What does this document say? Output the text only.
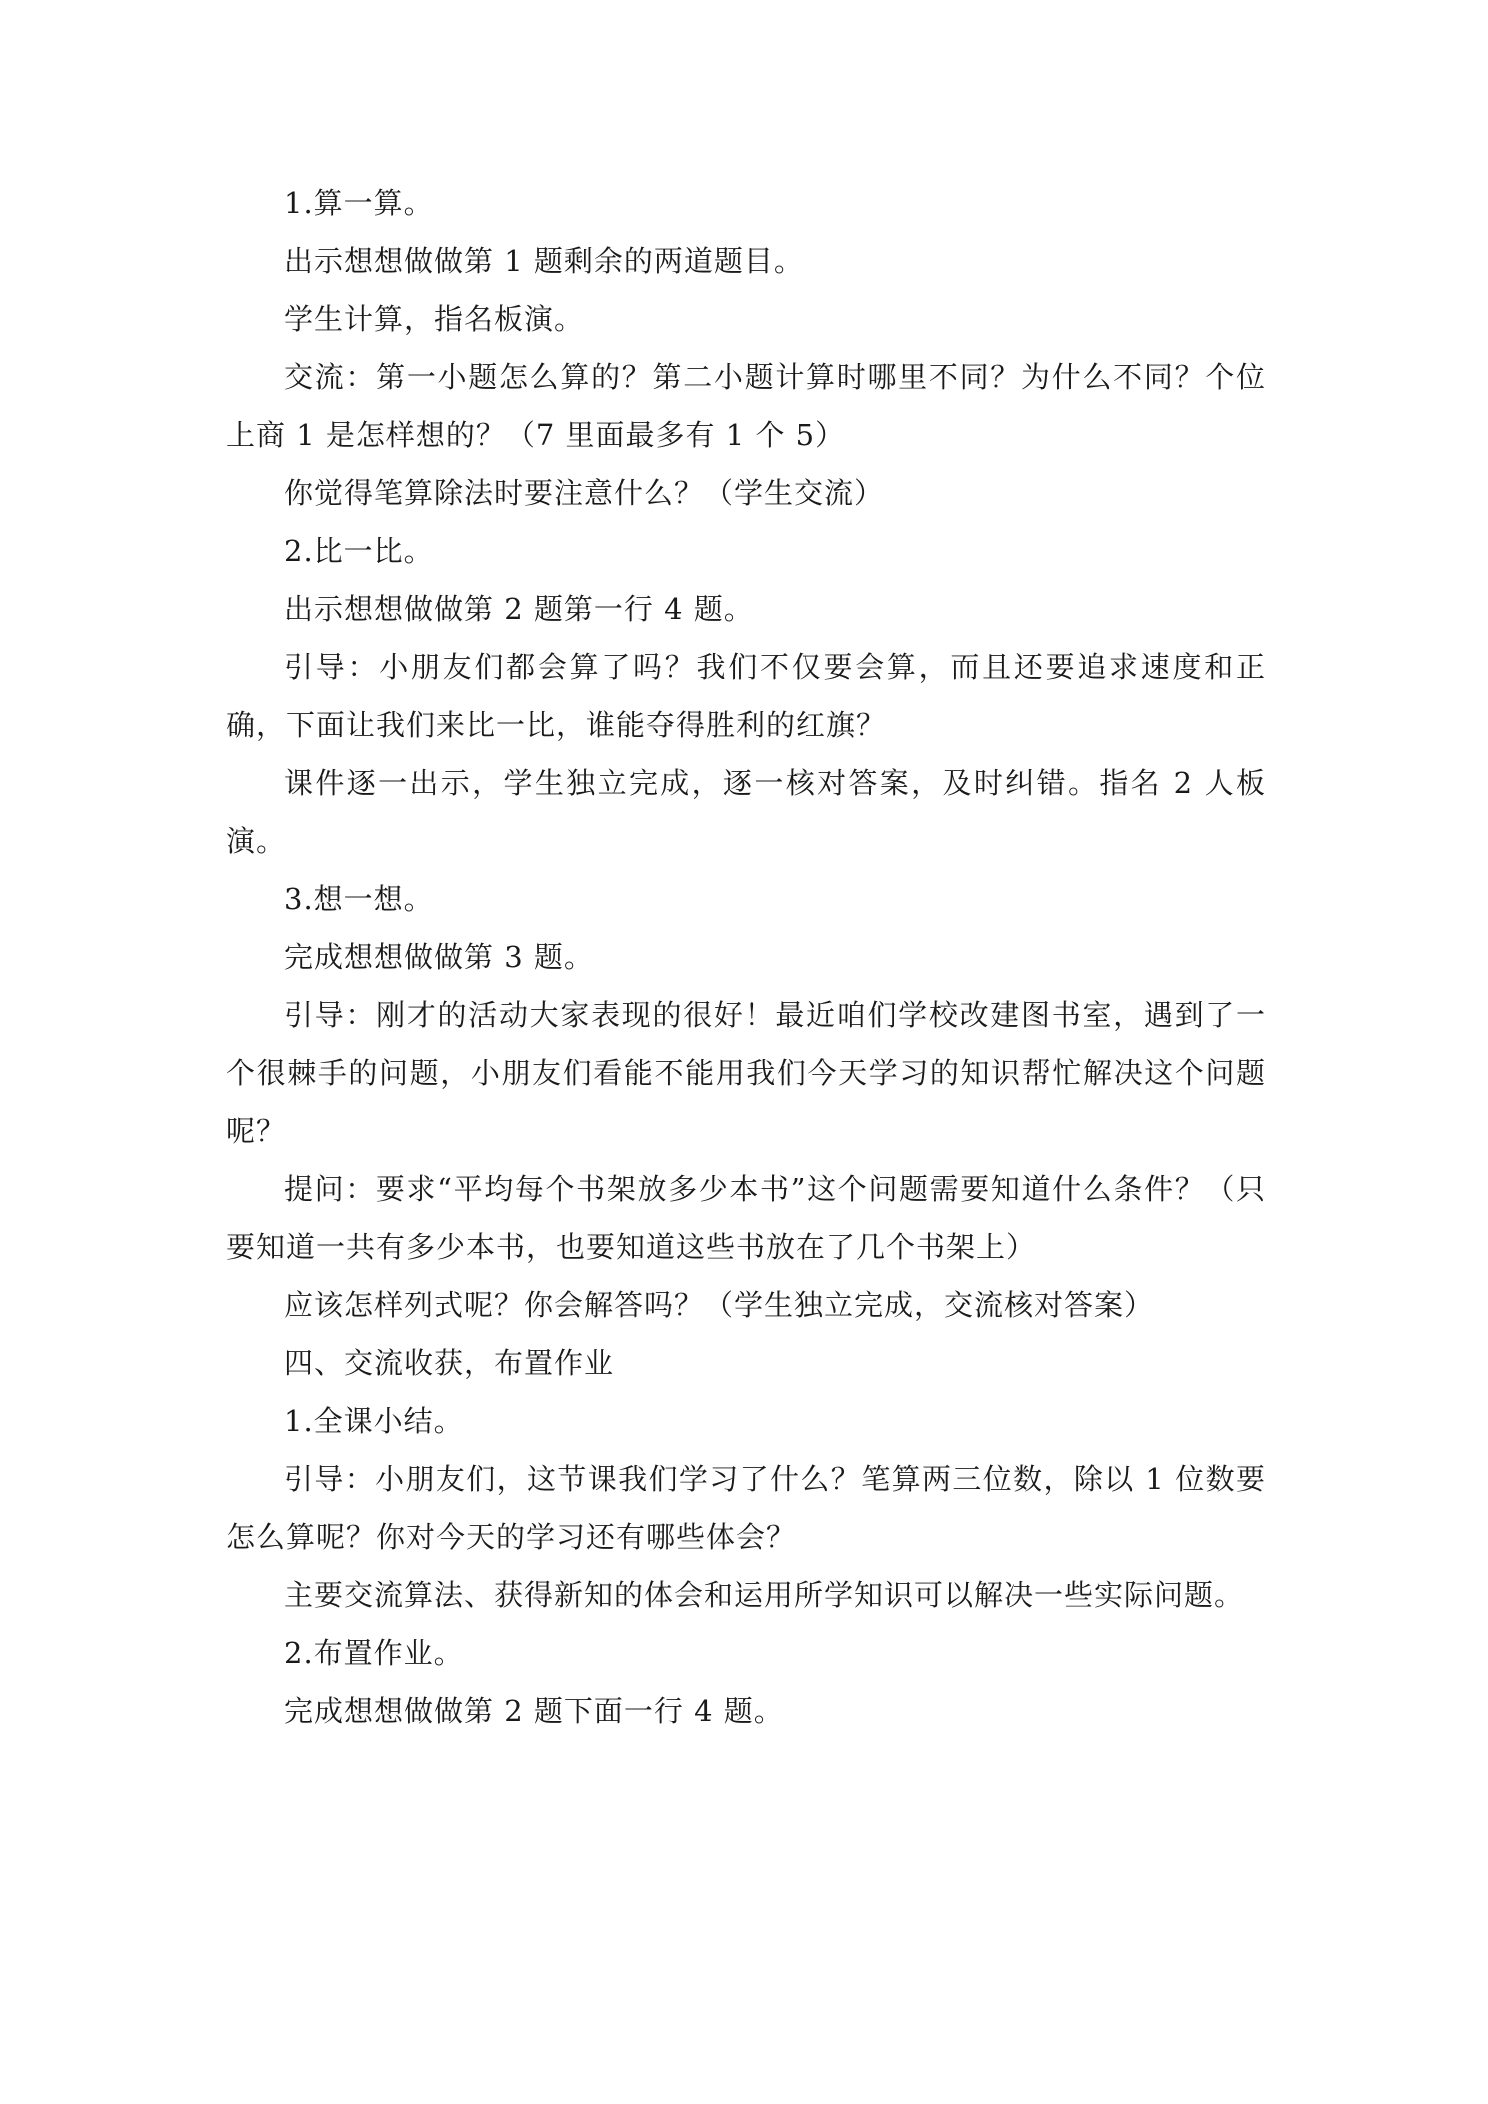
1.算一算。

出示想想做做第 1 题剩余的两道题目。

学生计算，指名板演。

交流：第一小题怎么算的？第二小题计算时哪里不同？为什么不同？个位上商 1 是怎样想的？（7 里面最多有 1 个 5）

你觉得笔算除法时要注意什么？（学生交流）

2.比一比。

出示想想做做第 2 题第一行 4 题。

引导：小朋友们都会算了吗？我们不仅要会算，而且还要追求速度和正确，下面让我们来比一比，谁能夺得胜利的红旗？

课件逐一出示，学生独立完成，逐一核对答案，及时纠错。指名 2 人板演。

3.想一想。

完成想想做做第 3 题。

引导：刚才的活动大家表现的很好！最近咱们学校改建图书室，遇到了一个很棘手的问题，小朋友们看能不能用我们今天学习的知识帮忙解决这个问题呢？

提问：要求“平均每个书架放多少本书”这个问题需要知道什么条件？（只要知道一共有多少本书，也要知道这些书放在了几个书架上）

应该怎样列式呢？你会解答吗？（学生独立完成，交流核对答案）

四、交流收获，布置作业

1.全课小结。

引导：小朋友们，这节课我们学习了什么？笔算两三位数，除以 1 位数要怎么算呢？你对今天的学习还有哪些体会？

主要交流算法、获得新知的体会和运用所学知识可以解决一些实际问题。

2.布置作业。

完成想想做做第 2 题下面一行 4 题。
